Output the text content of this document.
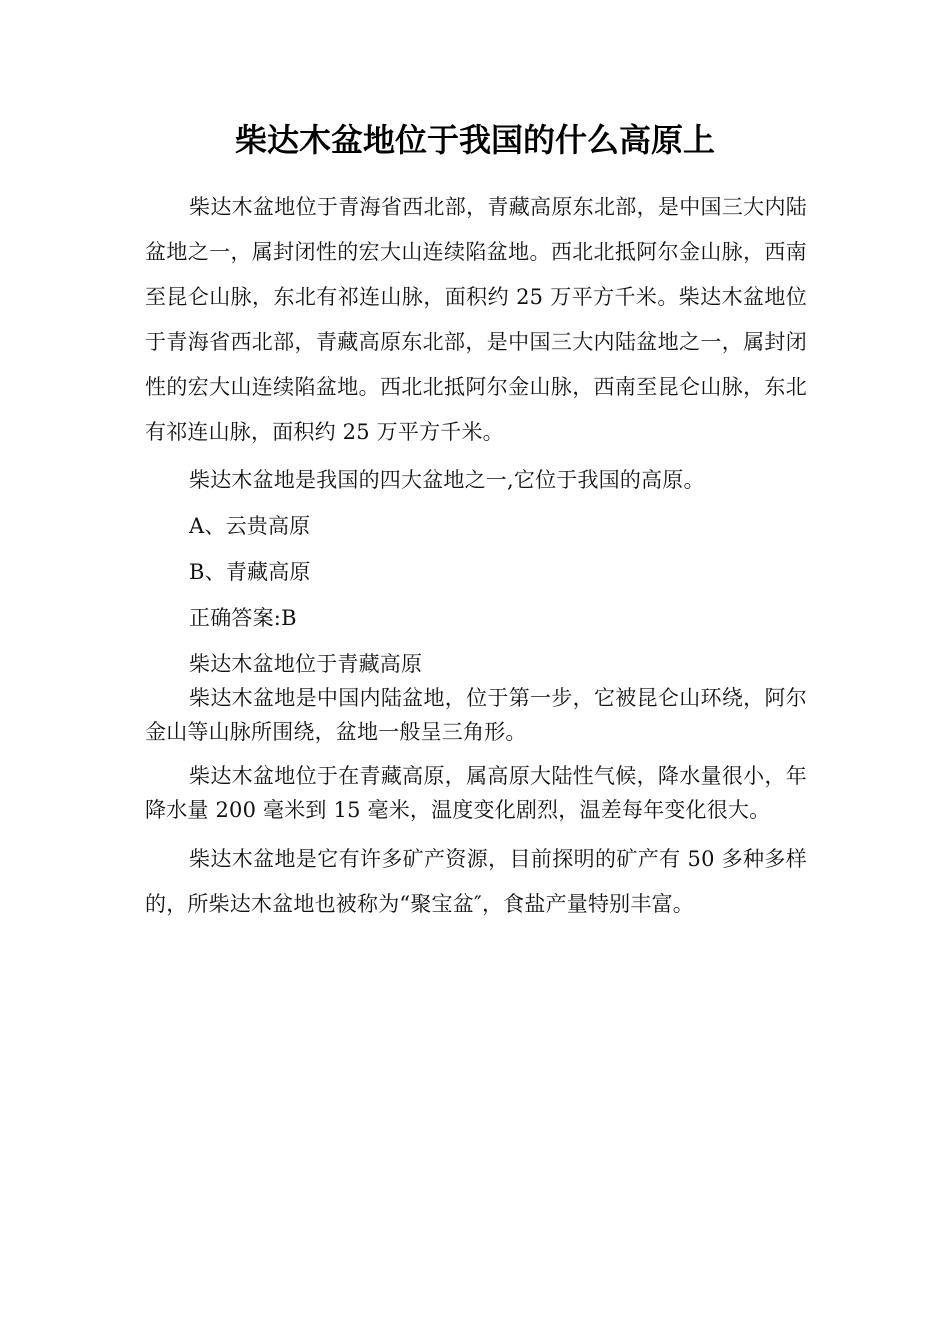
柴达木盆地位于我国的什么高原上

柴达木盆地位于青海省西北部，青藏高原东北部，是中国三大内陆盆地之一，属封闭性的宏大山连续陷盆地。西北北抵阿尔金山脉，西南至昆仑山脉，东北有祁连山脉，面积约 25 万平方千米。柴达木盆地位于青海省西北部，青藏高原东北部，是中国三大内陆盆地之一，属封闭性的宏大山连续陷盆地。西北北抵阿尔金山脉，西南至昆仑山脉，东北有祁连山脉，面积约 25 万平方千米。

柴达木盆地是我国的四大盆地之一,它位于我国的高原。

A、云贵高原

B、青藏高原

正确答案:B

柴达木盆地位于青藏高原

柴达木盆地是中国内陆盆地，位于第一步，它被昆仑山环绕，阿尔金山等山脉所围绕，盆地一般呈三角形。

柴达木盆地位于在青藏高原，属高原大陆性气候，降水量很小，年降水量 200 毫米到 15 毫米，温度变化剧烈，温差每年变化很大。

柴达木盆地是它有许多矿产资源，目前探明的矿产有 50 多种多样的，所柴达木盆地也被称为“聚宝盆″，食盐产量特别丰富。
